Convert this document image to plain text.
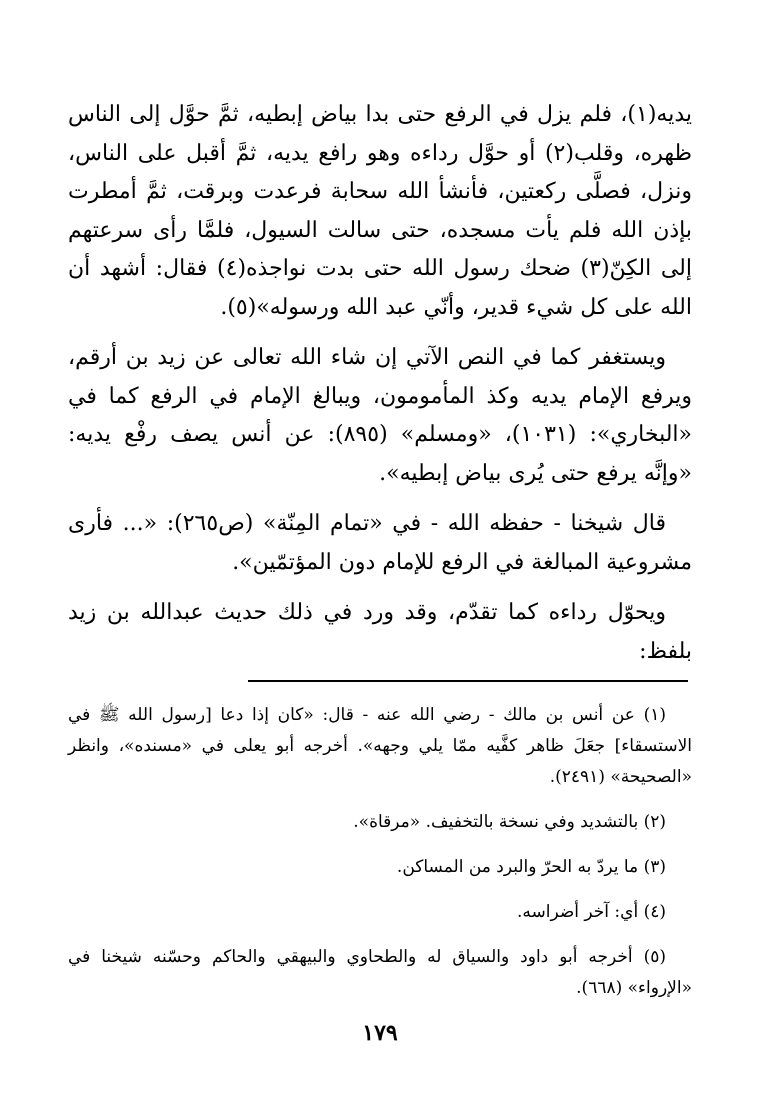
يديه(١)، فلم يزل في الرفع حتى بدا بياض إبطيه، ثمَّ حوَّل إلى الناس ظهره، وقلب(٢) أو حوَّل رداءه وهو رافع يديه، ثمَّ أقبل على الناس، ونزل، فصلَّى ركعتين، فأنشأ الله سحابة فرعدت وبرقت، ثمَّ أمطرت بإذن الله فلم يأت مسجده، حتى سالت السيول، فلمَّا رأى سرعتهم إلى الكِنّ(٣) ضحك رسول الله حتى بدت نواجذه(٤) فقال: أشهد أن الله على كل شيء قدير، وأنّي عبد الله ورسوله»(٥).

ويستغفر كما في النص الآتي إن شاء الله تعالى عن زيد بن أرقم، ويرفع الإمام يديه وكذ المأمومون، ويبالغ الإمام في الرفع كما في «البخاري»: (١٠٣١)، «ومسلم» (٨٩٥): عن أنس يصف رفْع يديه: «وإنَّه يرفع حتى يُرى بياض إبطيه».

قال شيخنا - حفظه الله - في «تمام المِنّة» (ص٢٦٥): «... فأرى مشروعية المبالغة في الرفع للإمام دون المؤتمّين».

ويحوّل رداءه كما تقدّم، وقد ورد في ذلك حديث عبدالله بن زيد بلفظ:

(١) عن أنس بن مالك - رضي الله عنه - قال: «كان إذا دعا [رسول الله ﷺ في الاستسقاء] جعَلَ ظاهر كفَّيه ممّا يلي وجهه». أخرجه أبو يعلى في «مسنده»، وانظر «الصحيحة» (٢٤٩١).

(٢) بالتشديد وفي نسخة بالتخفيف. «مرقاة».

(٣) ما يردّ به الحرّ والبرد من المساكن.

(٤) أي: آخر أضراسه.

(٥) أخرجه أبو داود والسياق له والطحاوي والبيهقي والحاكم وحسّنه شيخنا في «الإرواء» (٦٦٨).

١٧٩
